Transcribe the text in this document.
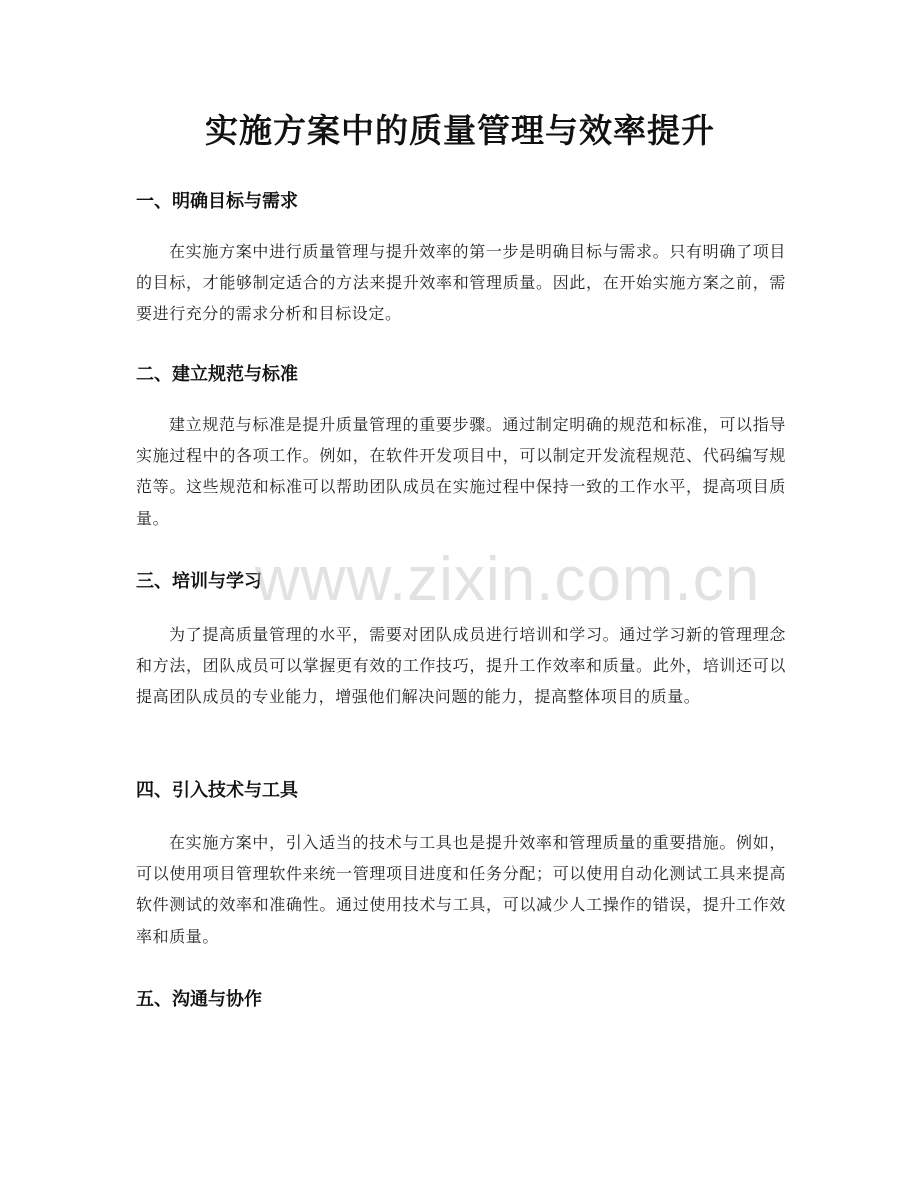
实施方案中的质量管理与效率提升
一、明确目标与需求
在实施方案中进行质量管理与提升效率的第一步是明确目标与需求。只有明确了项目的目标，才能够制定适合的方法来提升效率和管理质量。因此，在开始实施方案之前，需要进行充分的需求分析和目标设定。
二、建立规范与标准
建立规范与标准是提升质量管理的重要步骤。通过制定明确的规范和标准，可以指导实施过程中的各项工作。例如，在软件开发项目中，可以制定开发流程规范、代码编写规范等。这些规范和标准可以帮助团队成员在实施过程中保持一致的工作水平，提高项目质量。
三、培训与学习
为了提高质量管理的水平，需要对团队成员进行培训和学习。通过学习新的管理理念和方法，团队成员可以掌握更有效的工作技巧，提升工作效率和质量。此外，培训还可以提高团队成员的专业能力，增强他们解决问题的能力，提高整体项目的质量。
四、引入技术与工具
在实施方案中，引入适当的技术与工具也是提升效率和管理质量的重要措施。例如，可以使用项目管理软件来统一管理项目进度和任务分配；可以使用自动化测试工具来提高软件测试的效率和准确性。通过使用技术与工具，可以减少人工操作的错误，提升工作效率和质量。
五、沟通与协作
www.zixin.com.cn
